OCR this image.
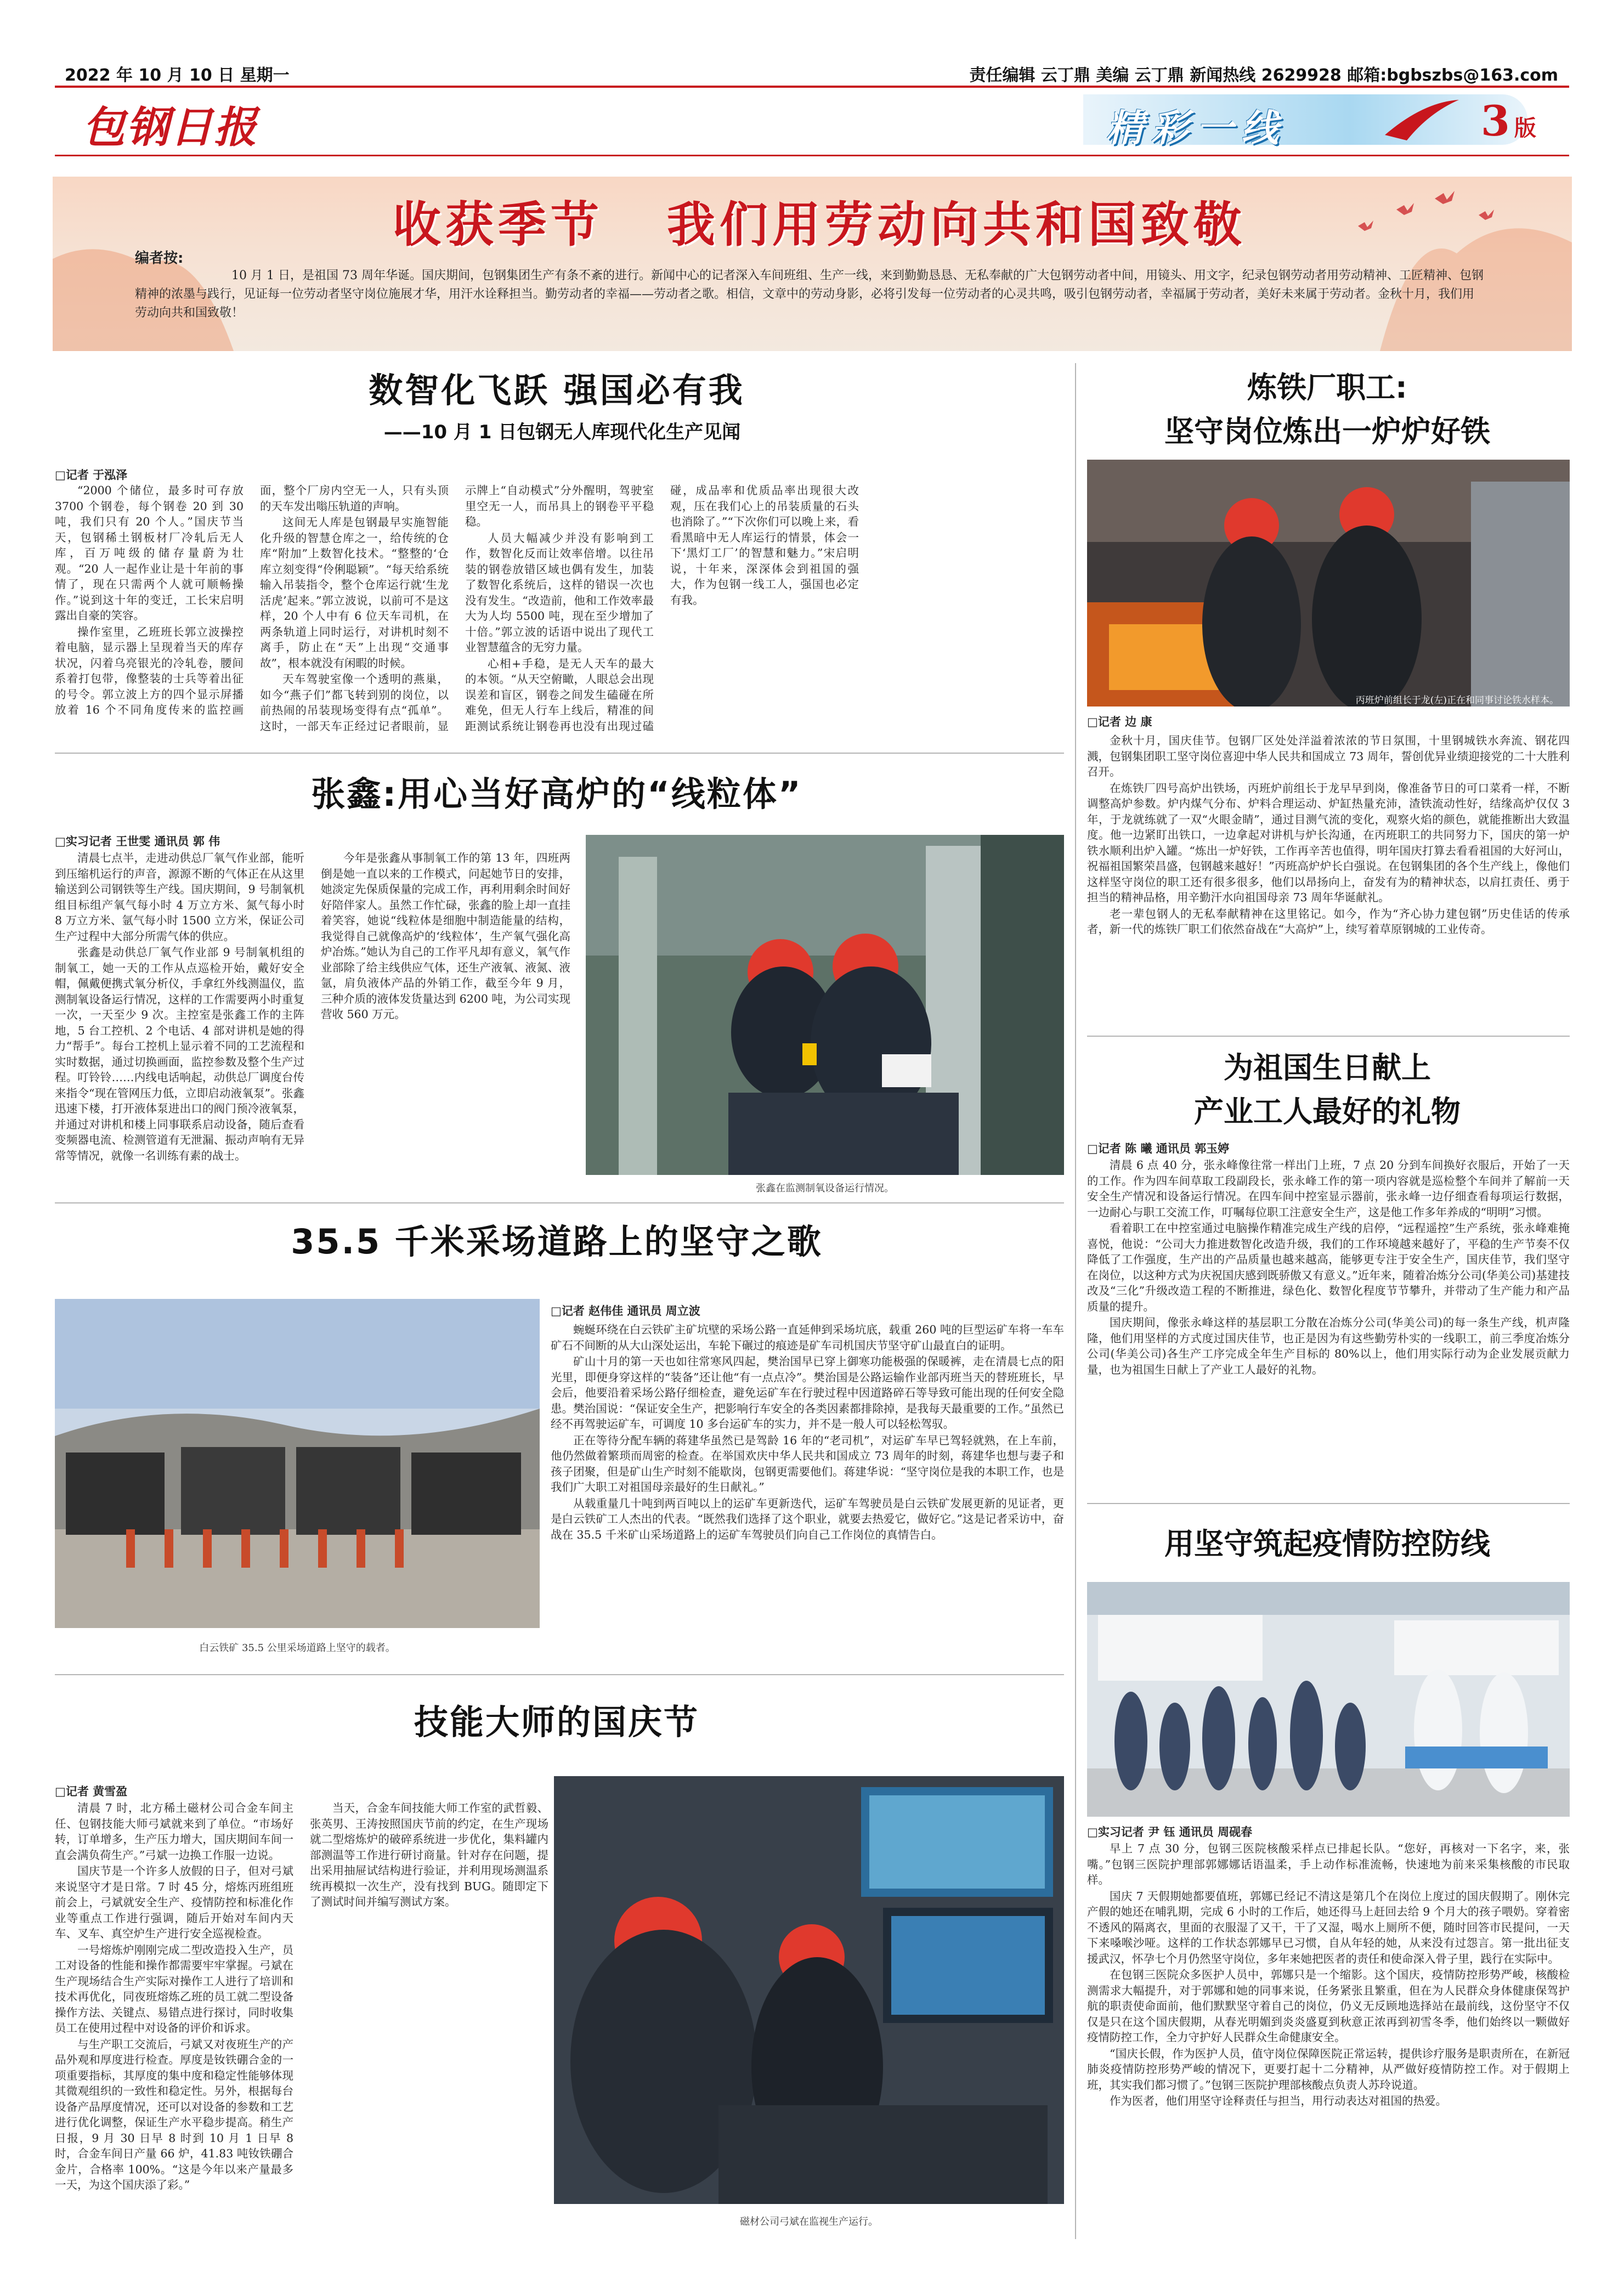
2022 年 10 月 10 日 星期一	责任编辑 云丁鼎 美编 云丁鼎 新闻热线 2629928 邮箱:bgbszbs@163.com
包钢日报	精彩一线	3 版
收获季节   我们用劳动向共和国致敬
编者按:
10 月 1 日，是祖国 73 周年华诞。国庆期间，包钢集团生产有条不紊的进行。新闻中心的记者深入车间班组、生产一线，来到勤勤恳恳、无私奉献的广大包钢劳动者中间，用镜头、用文字，纪录包钢劳动者用劳动精神、工匠精神、包钢精神的浓墨与践行，见证每一位劳动者坚守岗位施展才华，用汗水诠释担当。勤劳动者的幸福——劳动者之歌。相信，文章中的劳动身影，必将引发每一位劳动者的心灵共鸣，吸引包钢劳动者，幸福属于劳动者，美好未来属于劳动者。金秋十月，我们用劳动向共和国致敬！
数智化飞跃 强国必有我
——10 月 1 日包钢无人库现代化生产见闻
□记者 于泓泽

“2000 个储位，最多时可存放 3700 个钢卷，每个钢卷 20 到 30 吨，我们只有 20 个人。”国庆节当天，包钢稀土钢板材厂冷轧后无人库，百万吨级的储存量蔚为壮观。“20 人一起作业让是十年前的事情了，现在只需两个人就可顺畅操作。”说到这十年的变迁，工长宋启明露出自豪的笑容。

操作室里，乙班班长郭立波操控着电脑，显示器上呈现着当天的库存状况，闪着乌亮银光的冷轧卷，腰间系着打包带，像整装的士兵等着出征的号令。郭立波上方的四个显示屏播放着 16 个不同角度传来的监控画面，整个厂房内空无一人，只有头顶的天车发出嗡压轨道的声响。

这间无人库是包钢最早实施智能化升级的智慧仓库之一，给传统的仓库“附加”上数智化技术。“整整的‘仓库立刻变得“伶俐聪颖”。“每天给系统输入吊装指令，整个仓库运行就‘生龙活虎’起来。”郭立波说，以前可不是这样，20 个人中有 6 位天车司机，在两条轨道上同时运行，对讲机时刻不离手，防止在“天”上出现“交通事故”，根本就没有闲暇的时候。

天车驾驶室像一个透明的燕巢，如今“燕子们”都飞转到别的岗位，以前热闹的吊装现场变得有点“孤单”。这时，一部天车正经过记者眼前，显示牌上“自动模式”分外醒明，驾驶室里空无一人，而吊具上的钢卷平平稳稳。

人员大幅减少并没有影响到工作，数智化反而让效率倍增。以往吊装的钢卷放错区域也偶有发生，加装了数智化系统后，这样的错误一次也没有发生。“改造前，他和工作效率最大为人均 5500 吨，现在至少增加了十倍。”郭立波的话语中说出了现代工业智慧蕴含的无穷力量。

心相+手稳，是无人天车的最大的本领。“从天空俯瞰，人眼总会出现误差和盲区，钢卷之间发生磕碰在所难免，但无人行车上线后，精准的间距测试系统让钢卷再也没有出现过磕碰，成品率和优质品率出现很大改观，压在我们心上的吊装质量的石头也消除了。”“下次你们可以晚上来，看看黑暗中无人库运行的情景，体会一下‘黑灯工厂’的智慧和魅力。”宋启明说，十年来，深深体会到祖国的强大，作为包钢一线工人，强国也必定有我。

张鑫:用心当好高炉的“线粒体”
□实习记者 王世雯 通讯员 郭 伟

清晨七点半，走进动供总厂氧气作业部，能听到压缩机运行的声音，源源不断的气体正在从这里输送到公司钢铁等生产线。国庆期间，9 号制氧机组目标组产氧气每小时 4 万立方米、氮气每小时 8 万立方米、氩气每小时 1500 立方米，保证公司生产过程中大部分所需气体的供应。

张鑫是动供总厂氧气作业部 9 号制氧机组的制氧工，她一天的工作从点巡检开始，戴好安全帽，佩戴便携式氧分析仪，手拿红外线测温仪，监测制氧设备运行情况，这样的工作需要两小时重复一次，一天至少 9 次。主控室是张鑫工作的主阵地，5 台工控机、2 个电话、4 部对讲机是她的得力“帮手”。每台工控机上显示着不同的工艺流程和实时数据，通过切换画面，监控参数及整个生产过程。叮铃铃……内线电话响起，动供总厂调度台传来指令“现在管网压力低，立即启动液氧泵”。张鑫迅速下楼，打开液体泵进出口的阀门预冷液氧泵，并通过对讲机和楼上同事联系启动设备，随后查看变频器电流、检测管道有无泄漏、振动声响有无异常等情况，就像一名训练有素的战士。

今年是张鑫从事制氧工作的第 13 年，四班两倒是她一直以来的工作模式，问起她节日的安排，她淡定先保质保量的完成工作，再利用剩余时间好好陪伴家人。虽然工作忙碌，张鑫的脸上却一直挂着笑容，她说“线粒体是细胞中制造能量的结构，我觉得自己就像高炉的‘线粒体’，生产氧气强化高炉冶炼。”她认为自己的工作平凡却有意义，氧气作业部除了给主线供应气体，还生产液氧、液氮、液氩，肩负液体产品的外销工作，截至今年 9 月，三种介质的液体发货量达到 6200 吨，为公司实现营收 560 万元。

张鑫在监测制氧设备运行情况。
35.5 千米采场道路上的坚守之歌
白云铁矿 35.5 公里采场道路上坚守的载者。
□记者 赵伟佳 通讯员 周立波

蜿蜒环绕在白云铁矿主矿坑壁的采场公路一直延伸到采场坑底，载重 260 吨的巨型运矿车将一车车矿石不间断的从大山深处运出，车轮下碾过的痕迹是矿车司机国庆节坚守矿山最直白的证明。

矿山十月的第一天也如往常寒风四起，樊治国早已穿上御寒功能极强的保暖裤，走在清晨七点的阳光里，即便身穿这样的“装备”还让他“有一点点冷”。樊治国是公路运输作业部丙班当天的替班班长，早会后，他要沿着采场公路仔细检查，避免运矿车在行驶过程中因道路碎石等导致可能出现的任何安全隐患。樊治国说：“保证安全生产，把影响行车安全的各类因素都排除掉，是我每天最重要的工作。”虽然已经不再驾驶运矿车，可调度 10 多台运矿车的实力，并不是一般人可以轻松驾驭。

正在等待分配车辆的蒋建华虽然已是驾龄 16 年的“老司机”，对运矿车早已驾轻就熟，在上车前，他仍然做着繁琐而周密的检查。在举国欢庆中华人民共和国成立 73 周年的时刻，蒋建华也想与妻子和孩子团聚，但是矿山生产时刻不能歇岗，包钢更需要他们。蒋建华说：“坚守岗位是我的本职工作，也是我们广大职工对祖国母亲最好的生日献礼。”

从载重量几十吨到两百吨以上的运矿车更新迭代，运矿车驾驶员是白云铁矿发展更新的见证者，更是白云铁矿工人杰出的代表。“既然我们选择了这个职业，就要去热爱它，做好它。”这是记者采访中，奋战在 35.5 千米矿山采场道路上的运矿车驾驶员们向自己工作岗位的真情告白。

技能大师的国庆节
□记者 黄雪盈

清晨 7 时，北方稀土磁材公司合金车间主任、包钢技能大师弓斌就来到了单位。“市场好转，订单增多，生产压力增大，国庆期间车间一直会满负荷生产。”弓斌一边换工作服一边说。

国庆节是一个许多人放假的日子，但对弓斌来说坚守才是日常。7 时 45 分，熔炼丙班组班前会上，弓斌就安全生产、疫情防控和标准化作业等重点工作进行强调，随后开始对车间内天车、叉车、真空炉生产进行安全巡视检查。

一号熔炼炉刚刚完成二型改造投入生产，员工对设备的性能和操作都需要牢牢掌握。弓斌在生产现场结合生产实际对操作工人进行了培训和技术再优化，同夜班熔炼乙班的员工就二型设备操作方法、关键点、易错点进行探讨，同时收集员工在使用过程中对设备的评价和诉求。

与生产职工交流后，弓斌又对夜班生产的产品外观和厚度进行检查。厚度是钕铁硼合金的一项重要指标，其厚度的集中度和稳定性能够体现其微观组织的一致性和稳定性。另外，根据每台设备产品厚度情况，还可以对设备的参数和工艺进行优化调整，保证生产水平稳步提高。稍生产日报，9 月 30 日早 8 时到 10 月 1 日早 8 时，合金车间日产量 66 炉，41.83 吨钕铁硼合金片，合格率 100%。“这是今年以来产量最多一天，为这个国庆添了彩。”

当天，合金车间技能大师工作室的武哲毅、张英男、王涛按照国庆节前的约定，在生产现场就二型熔炼炉的破碎系统进一步优化，集料罐内部测温等工作进行研讨商量。针对存在问题，提出采用抽屉试结构进行验证，并利用现场测温系统再模拟一次生产，没有找到 BUG。随即定下了测试时间并编写测试方案。

磁材公司弓斌在监视生产运行。
炼铁厂职工:
坚守岗位炼出一炉炉好铁
丙班炉前组长于龙(左)正在和同事讨论铁水样本。
□记者 边 康

金秋十月，国庆佳节。包钢厂区处处洋溢着浓浓的节日氛围，十里钢城铁水奔流、钢花四溅，包钢集团职工坚守岗位喜迎中华人民共和国成立 73 周年，誓创优异业绩迎接党的二十大胜利召开。

在炼铁厂四号高炉出铁场，丙班炉前组长于龙早早到岗，像准备节日的可口菜肴一样，不断调整高炉参数。炉内煤气分布、炉料合理运动、炉缸热量充沛，渣铁流动性好，结缘高炉仅仅 3 年，于龙就练就了一双“火眼金睛”，通过目测气流的变化，观察火焰的颜色，就能推断出大致温度。他一边紧盯出铁口，一边拿起对讲机与炉长沟通，在丙班职工的共同努力下，国庆的第一炉铁水顺利出炉入罐。“炼出一炉好铁，工作再辛苦也值得，明年国庆打算去看看祖国的大好河山，祝福祖国繁荣昌盛，包钢越来越好！”丙班高炉炉长白强说。在包钢集团的各个生产线上，像他们这样坚守岗位的职工还有很多很多，他们以昂扬向上，奋发有为的精神状态，以肩扛责任、勇于担当的精神品格，用辛勤汗水向祖国母亲 73 周年华诞献礼。

老一辈包钢人的无私奉献精神在这里铭记。如今，作为“齐心协力建包钢”历史佳话的传承者，新一代的炼铁厂职工们依然奋战在“大高炉”上，续写着草原钢城的工业传奇。

为祖国生日献上
产业工人最好的礼物
□记者 陈 曦 通讯员 郭玉婷

清晨 6 点 40 分，张永峰像往常一样出门上班，7 点 20 分到车间换好衣服后，开始了一天的工作。作为四车间草取工段副段长，张永峰工作的第一项内容就是巡检整个车间并了解前一天安全生产情况和设备运行情况。在四车间中控室显示器前，张永峰一边仔细查看每项运行数据，一边耐心与职工交流工作，叮嘱每位职工注意安全生产，这是他工作多年养成的“明明”习惯。

看着职工在中控室通过电脑操作精准完成生产线的启停，“远程遥控”生产系统，张永峰难掩喜悦，他说：“公司大力推进数智化改造升级，我们的工作环境越来越好了，平稳的生产节奏不仅降低了工作强度，生产出的产品质量也越来越高，能够更专注于安全生产，国庆佳节，我们坚守在岗位，以这种方式为庆祝国庆感到既骄傲又有意义。”近年来，随着冶炼分公司(华美公司)基建技改及“三化”升级改造工程的不断推进，绿色化、数智化程度节节攀升，并带动了生产能力和产品质量的提升。

国庆期间，像张永峰这样的基层职工分散在冶炼分公司(华美公司)的每一条生产线，机声隆隆，他们用坚样的方式度过国庆佳节，也正是因为有这些勤劳朴实的一线职工，前三季度冶炼分公司(华美公司)各生产工序完成全年生产目标的 80%以上，他们用实际行动为企业发展贡献力量，也为祖国生日献上了产业工人最好的礼物。

用坚守筑起疫情防控防线
□实习记者 尹 钰 通讯员 周砚春

早上 7 点 30 分，包钢三医院核酸采样点已排起长队。“您好，再核对一下名字，来，张嘴。”包钢三医院护理部郭娜娜话语温柔，手上动作标准流畅，快速地为前来采集核酸的市民取样。

国庆 7 天假期她都要值班，郭娜已经记不清这是第几个在岗位上度过的国庆假期了。刚休完产假的她还在哺乳期，完成 6 小时的工作后，她还得马上赶回去给 9 个月大的孩子喂奶。穿着密不透风的隔离衣，里面的衣服湿了又干，干了又湿，喝水上厕所不便，随时回答市民提问，一天下来嗓喉沙哑。这样的工作状态郭娜早已习惯，自从年轻的她，从来没有过怨言。第一批出征支援武汉，怀孕七个月仍然坚守岗位，多年来她把医者的责任和使命深入骨子里，践行在实际中。

在包钢三医院众多医护人员中，郭娜只是一个缩影。这个国庆，疫情防控形势严峻，核酸检测需求大幅提升，对于郭娜和她的同事来说，任务紧张且繁重，但在为人民群众身体健康保驾护航的职责使命面前，他们默默坚守着自己的岗位，仍义无反顾地选择站在最前线，这份坚守不仅仅是只在这个国庆假期，从春光明媚到炎炎盛夏到秋意正浓再到初雪冬季，他们始终以一颗做好疫情防控工作，全力守护好人民群众生命健康安全。

“国庆长假，作为医护人员，值守岗位保障医院正常运转，提供诊疗服务是职责所在，在新冠肺炎疫情防控形势严峻的情况下，更要打起十二分精神，从严做好疫情防控工作。对于假期上班，其实我们都习惯了。”包钢三医院护理部核酸点负责人苏玲说道。

作为医者，他们用坚守诠释责任与担当，用行动表达对祖国的热爱。
